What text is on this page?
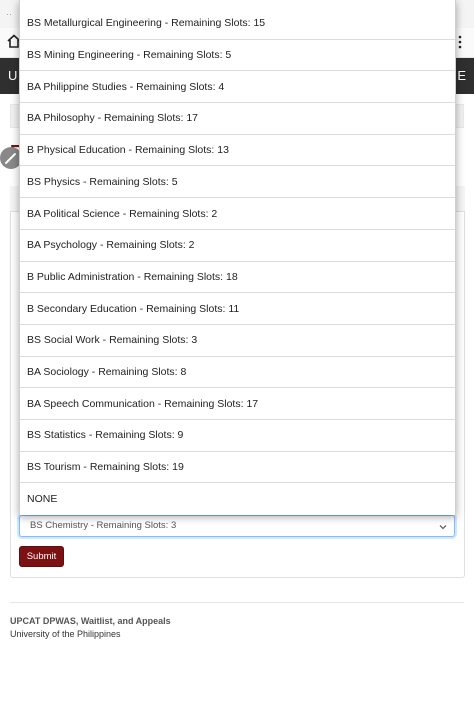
··
U	E
BS Chemistry - Remaining Slots: 3
Submit
UPCAT DPWAS, Waitlist, and Appeals
University of the Philippines
BS Metallurgical Engineering - Remaining Slots: 15
BS Mining Engineering - Remaining Slots: 5
BA Philippine Studies - Remaining Slots: 4
BA Philosophy - Remaining Slots: 17
B Physical Education - Remaining Slots: 13
BS Physics - Remaining Slots: 5
BA Political Science - Remaining Slots: 2
BA Psychology - Remaining Slots: 2
B Public Administration - Remaining Slots: 18
B Secondary Education - Remaining Slots: 11
BS Social Work - Remaining Slots: 3
BA Sociology - Remaining Slots: 8
BA Speech Communication - Remaining Slots: 17
BS Statistics - Remaining Slots: 9
BS Tourism - Remaining Slots: 19
NONE
